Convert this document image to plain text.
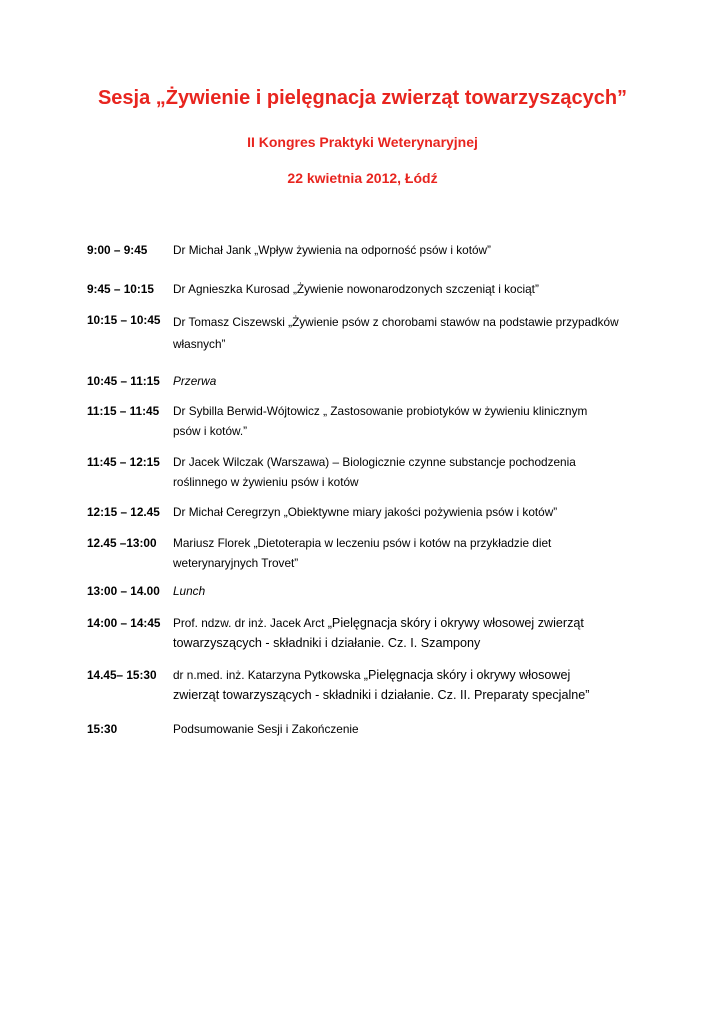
Sesja „Żywienie i pielęgnacja zwierząt towarzyszących”
II Kongres Praktyki Weterynaryjnej
22 kwietnia 2012, Łódź
9:00 – 9:45	Dr Michał Jank „Wpływ żywienia na odporność psów i kotów”
9:45 – 10:15	Dr Agnieszka Kurosad „Żywienie nowonarodzonych szczeniąt i kociąt”
10:15 – 10:45	Dr Tomasz Ciszewski „Żywienie psów z chorobami stawów na podstawie przypadków
własnych”
10:45 – 11:15	Przerwa
11:15 – 11:45	Dr Sybilla Berwid-Wójtowicz „ Zastosowanie probiotyków w żywieniu klinicznym
psów i kotów.”
11:45 – 12:15	Dr Jacek Wilczak (Warszawa) – Biologicznie czynne substancje pochodzenia
roślinnego w żywieniu psów i kotów
12:15 – 12.45	Dr Michał Ceregrzyn „Obiektywne miary jakości pożywienia psów i kotów”
12.45 –13:00	Mariusz Florek „Dietoterapia w leczeniu psów i kotów na przykładzie diet
weterynaryjnych Trovet”
13:00 – 14.00	Lunch
14:00 – 14:45	Prof. ndzw. dr inż. Jacek Arct „Pielęgnacja skóry i okrywy włosowej zwierząt
towarzyszących - składniki i działanie. Cz. I. Szampony
14.45– 15:30	dr n.med. inż. Katarzyna Pytkowska „Pielęgnacja skóry i okrywy włosowej
zwierząt towarzyszących - składniki i działanie. Cz. II. Preparaty specjalne”
15:30	Podsumowanie Sesji i Zakończenie
